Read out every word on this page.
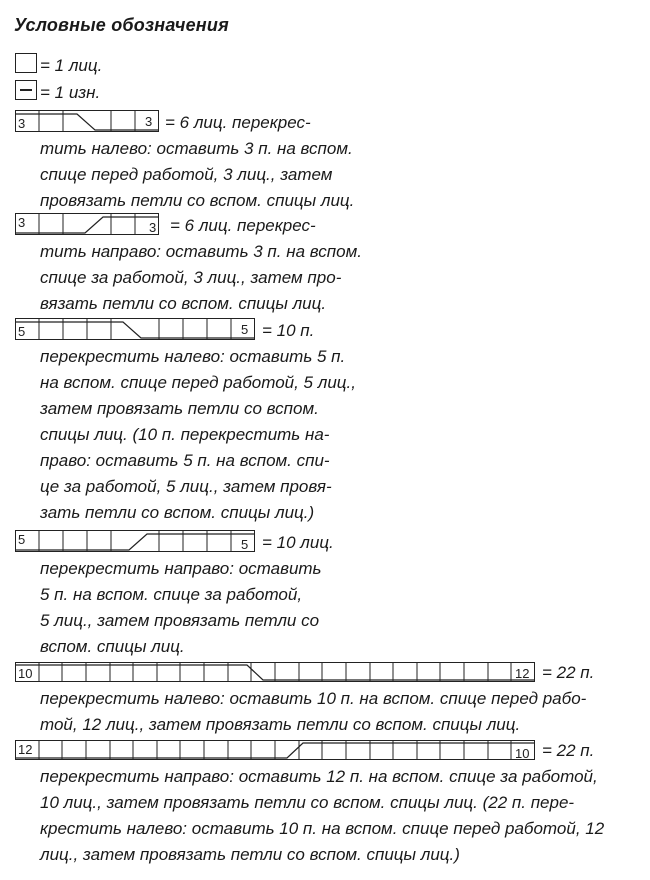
Условные обозначения
= 1 лиц.
= 1 изн.
3	3 = 6 лиц. перекрес-
тить налево: оставить 3 п. на вспом.
спице перед работой, 3 лиц., затем
провязать петли со вспом. спицы лиц.
3	3 = 6 лиц. перекрес-
тить направо: оставить 3 п. на вспом.
спице за работой, 3 лиц., затем про-
вязать петли со вспом. спицы лиц.
5	5 = 10 п.
перекрестить налево: оставить 5 п.
на вспом. спице перед работой, 5 лиц.,
затем провязать петли со вспом.
спицы лиц. (10 п. перекрестить на-
право: оставить 5 п. на вспом. спи-
це за работой, 5 лиц., затем провя-
зать петли со вспом. спицы лиц.)
5	5 = 10 лиц.
перекрестить направо: оставить
5 п. на вспом. спице за работой,
5 лиц., затем провязать петли со
вспом. спицы лиц.
10	12 = 22 п.
перекрестить налево: оставить 10 п. на вспом. спице перед рабо-
той, 12 лиц., затем провязать петли со вспом. спицы лиц.
12	10 = 22 п.
перекрестить направо: оставить 12 п. на вспом. спице за работой,
10 лиц., затем провязать петли со вспом. спицы лиц. (22 п. пере-
крестить налево: оставить 10 п. на вспом. спице перед работой, 12
лиц., затем провязать петли со вспом. спицы лиц.)
